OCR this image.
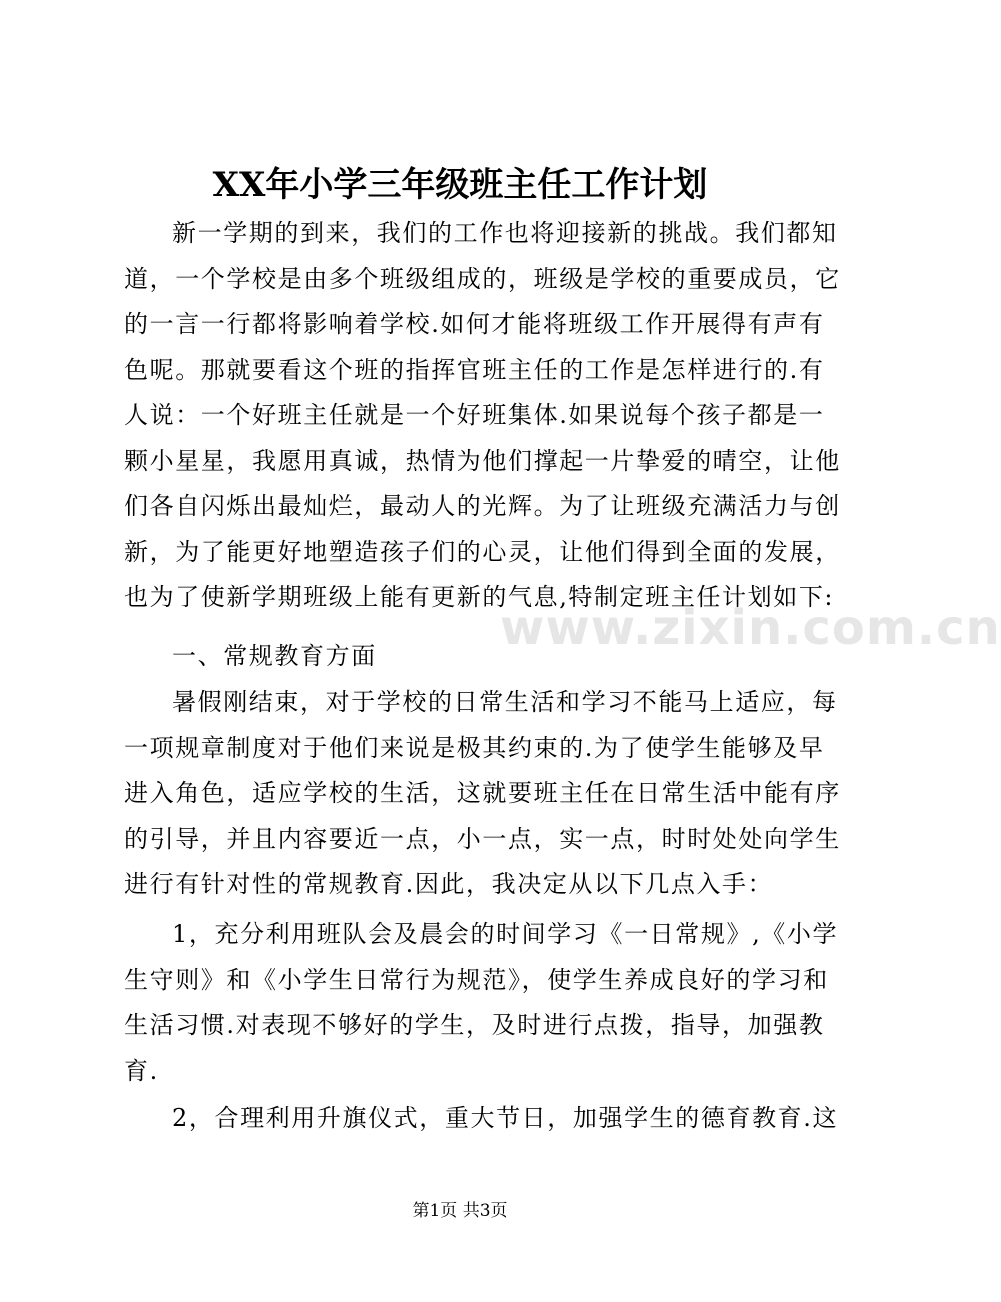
XX年小学三年级班主任工作计划
新一学期的到来，我们的工作也将迎接新的挑战。我们都知
道，一个学校是由多个班级组成的，班级是学校的重要成员，它
的一言一行都将影响着学校.如何才能将班级工作开展得有声有
色呢。那就要看这个班的指挥官班主任的工作是怎样进行的.有
人说：一个好班主任就是一个好班集体.如果说每个孩子都是一
颗小星星，我愿用真诚，热情为他们撑起一片挚爱的晴空，让他
们各自闪烁出最灿烂，最动人的光辉。为了让班级充满活力与创
新，为了能更好地塑造孩子们的心灵，让他们得到全面的发展，
也为了使新学期班级上能有更新的气息,特制定班主任计划如下:
一、常规教育方面
暑假刚结束，对于学校的日常生活和学习不能马上适应，每
一项规章制度对于他们来说是极其约束的.为了使学生能够及早
进入角色，适应学校的生活，这就要班主任在日常生活中能有序
的引导，并且内容要近一点，小一点，实一点，时时处处向学生
进行有针对性的常规教育.因此，我决定从以下几点入手：
1，充分利用班队会及晨会的时间学习《一日常规》,《小学
生守则》和《小学生日常行为规范》，使学生养成良好的学习和
生活习惯.对表现不够好的学生，及时进行点拨，指导，加强教
育.
2，合理利用升旗仪式，重大节日，加强学生的德育教育.这
www.zixin.com.cn
第1页 共3页
